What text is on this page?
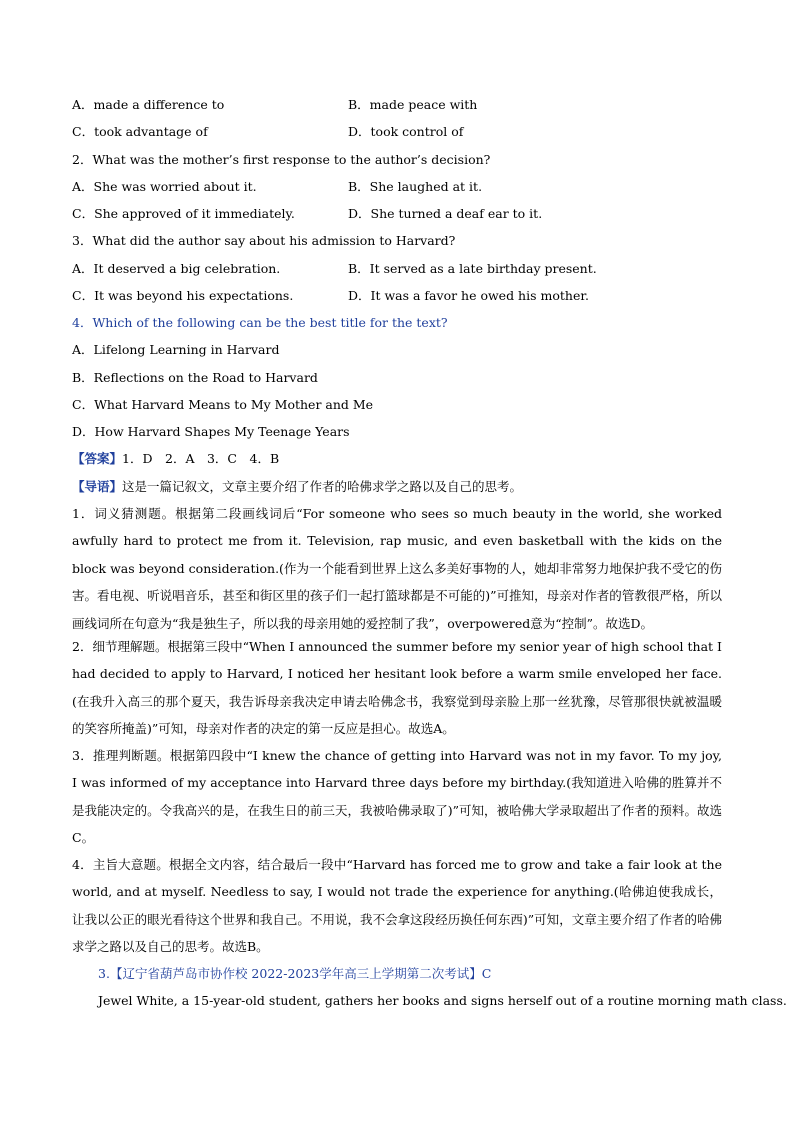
A．made a difference to	B．made peace with
C．took advantage of	D．took control of
2．What was the mother’s first response to the author’s decision?
A．She was worried about it.	B．She laughed at it.
C．She approved of it immediately.	D．She turned a deaf ear to it.
3．What did the author say about his admission to Harvard?
A．It deserved a big celebration.	B．It served as a late birthday present.
C．It was beyond his expectations.	D．It was a favor he owed his mother.
4．Which of the following can be the best title for the text?
A．Lifelong Learning in Harvard
B．Reflections on the Road to Harvard
C．What Harvard Means to My Mother and Me
D．How Harvard Shapes My Teenage Years
【答案】1．D　2．A　3．C　4．B
【导语】这是一篇记叙文，文章主要介绍了作者的哈佛求学之路以及自己的思考。
1．词义猜测题。根据第二段画线词后“For someone who sees so much beauty in the world, she worked awfully hard to protect me from it. Television, rap music, and even basketball with the kids on the block was beyond consideration.(作为一个能看到世界上这么多美好事物的人，她却非常努力地保护我不受它的伤害。看电视、听说唱音乐，甚至和街区里的孩子们一起打篮球都是不可能的)”可推知，母亲对作者的管教很严格，所以画线词所在句意为“我是独生子，所以我的母亲用她的爱控制了我”，overpowered意为“控制”。故选D。
2．细节理解题。根据第三段中“When I announced the summer before my senior year of high school that I had decided to apply to Harvard, I noticed her hesitant look before a warm smile enveloped her face.(在我升入高三的那个夏天，我告诉母亲我决定申请去哈佛念书，我察觉到母亲脸上那一丝犹豫，尽管那很快就被温暖的笑容所掩盖)”可知，母亲对作者的决定的第一反应是担心。故选A。
3．推理判断题。根据第四段中“I knew the chance of getting into Harvard was not in my favor. To my joy, I was informed of my acceptance into Harvard three days before my birthday.(我知道进入哈佛的胜算并不是我能决定的。令我高兴的是，在我生日的前三天，我被哈佛录取了)”可知，被哈佛大学录取超出了作者的预料。故选C。
4．主旨大意题。根据全文内容，结合最后一段中“Harvard has forced me to grow and take a fair look at the world, and at myself. Needless to say, I would not trade the experience for anything.(哈佛迫使我成长，让我以公正的眼光看待这个世界和我自己。不用说，我不会拿这段经历换任何东西)”可知，文章主要介绍了作者的哈佛求学之路以及自己的思考。故选B。
3.【辽宁省葫芦岛市协作校 2022-2023学年高三上学期第二次考试】C
Jewel White, a 15-year-old student, gathers her books and signs herself out of a routine morning math class.
